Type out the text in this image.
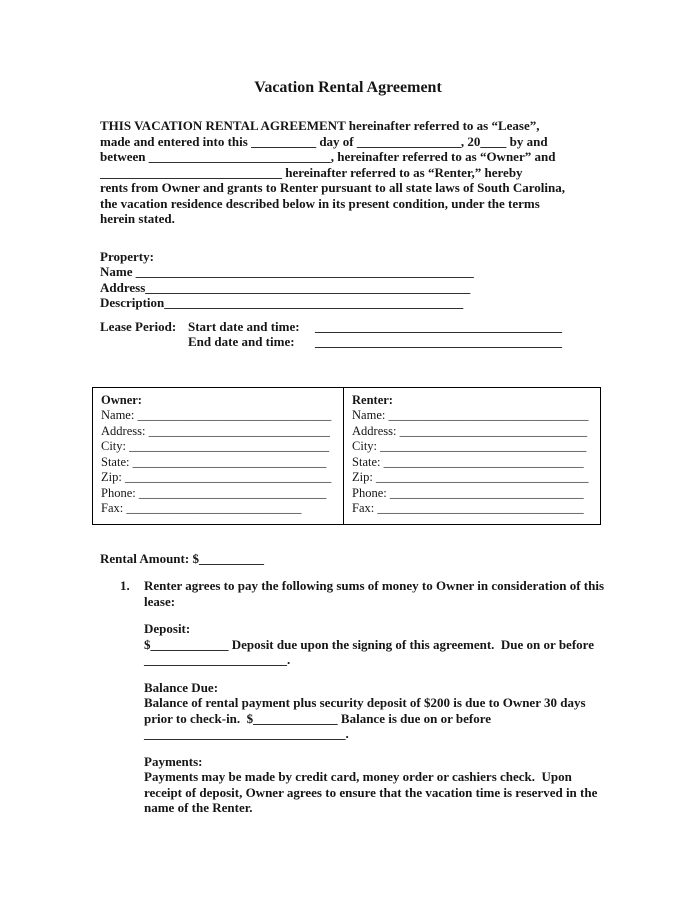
Vacation Rental Agreement
THIS VACATION RENTAL AGREEMENT hereinafter referred to as “Lease”,
made and entered into this __________ day of ________________, 20____ by and
between ____________________________, hereinafter referred to as “Owner” and
____________________________ hereinafter referred to as “Renter,” hereby
rents from Owner and grants to Renter pursuant to all state laws of South Carolina,
the vacation residence described below in its present condition, under the terms
herein stated.
Property:
Name ____________________________________________________
Address__________________________________________________
Description______________________________________________
Lease Period: Start date and time: ______________________________________
End date and time: ______________________________________
Owner:
Name: _______________________________
Address: _____________________________
City: ________________________________
State: _______________________________
Zip: _________________________________
Phone: ______________________________
Fax: ____________________________
Renter:
Name: ________________________________
Address: ______________________________
City: _________________________________
State: ________________________________
Zip: __________________________________
Phone: _______________________________
Fax: _________________________________
Rental Amount: $__________
1.	Renter agrees to pay the following sums of money to Owner in consideration of this
lease:
Deposit:
$____________ Deposit due upon the signing of this agreement.  Due on or before
______________________.
Balance Due:
Balance of rental payment plus security deposit of $200 is due to Owner 30 days
prior to check-in.  $_____________ Balance is due on or before
_______________________________.
Payments:
Payments may be made by credit card, money order or cashiers check.  Upon
receipt of deposit, Owner agrees to ensure that the vacation time is reserved in the
name of the Renter.
